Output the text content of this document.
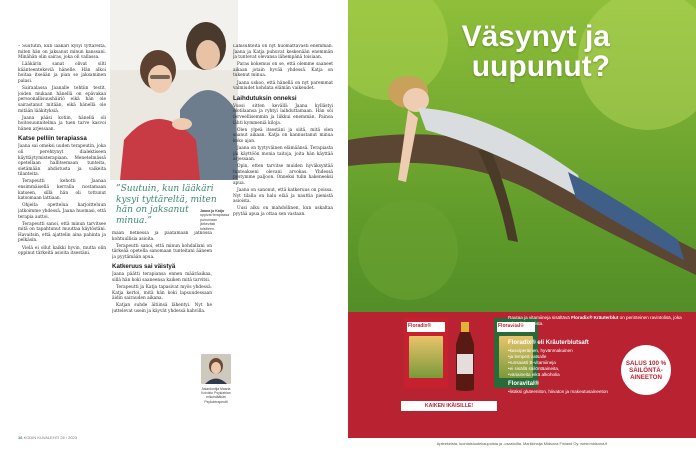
– Suututin, kun lääkäri kysyi tyttäreltä, miten hän on jaksanut minun kanssani. Minähän olin sairas, joka oli vallassa.

Lääkärin sanat olivat silti käänteentekeviä hänelle. Hän alkoi hoitaa itseään ja pian se jaksaminen palasi.

Sairaalassa Jaanalle tehtiin testit, joiden mukaan hänellä on epävakaa persoonallisuushäiriö eikä hän ole sairastanut mitään, eikä hänellä ole mitään lääkityksiä.

Jaana pääsi kotiin, hänellä oli hoitosuunnitelma ja tuen tarve kasvoi hänen arjessaan.

Katse pelliin terapiassa

Jaana sai omeksi uuden terapeutin, joka oli perehtynyt dialektiseen käyttäytymisterapiaan. Menetelmässä opetellaan hallitsemaan tunteita, sietämään ahdistusta ja vaikeita tilanteita.

Terapeutti kehotti Jaanaa ensimmäisellä kerralla nostamaan katseen, sillä hän oli tottunut katsomaan lattiaan.

Ohjeita opettelua harjoitteluun jatkoimme yhdessä. Jaana huomasi, että terapia auttoi.

Terapeutti sanoi, että minun tarvitsee mitä on tapahtunut muuttaa käytöstäni. Havaitsin, että ajattelin aina pahinta ja pelkäsin.

Vielä ei ollut kaikki hyvin, mutta olin oppinut tärkeitä asioita itsestäni.

”Suutuin, kun lääkäri kysyi tyttäreltä, miten hän on jaksanut minua.”
Jaana ja Katja oppivat terapiassa puhumaan järkevästi toisilleen.

mään hetkessä ja päätämään jatkossa kohtuullisia asioita.

Terapeutti sanoi, että minun kohdallani on tärkeää opetella sanomaan tunteitani ääneen ja pyytämään apua.

Katkeruus sai väistyä

Jaana päätti terapiansa ennen määräaikaa, sillä hän koki saaneensa kaiken mitä tarvitsi.

Terapeutti ja Katja tapasivat myös yhdessä. Katja kertoi, mitä hän koki lapsuudessaan äidin sairauden aikana.

Katjan suhde äitiinsä lähentyi. Nyt he juttelevat usein ja käyvät yhdessä kahvilla.

Asiantuntija Maaria Koivisto Psykiatrian erikoislääkäri Psykoterapeutti

Lähisuhteita on nyt huomattavasti enemmän. Jaana ja Katja puhuvat keskenään enemmän ja tuntevat olevansa lähempänä toisiaan.

Paras kokemus on se, että olemme saaneet aikaan jotain hyvää yhdessä. Katja on tukenut minua.

Jaana uskoo, että hänellä on nyt paremmat valmiudet kohdata elämän vaikeudet.

Laihdutuksin onneksi

Vuosi sitten kevällä Jaana kyllästyi olotilaansa ja ryhtyi laihduttamaan. Hän söi terveellisemmin ja liikkui enemmän. Painoa lähti kymmeniä kiloja.

Olen ylpeä itsestäni ja siitä, mitä olen saanut aikaan. Katja on kannustanut minua koko ajan.

Jaana on tyytyväinen elämäänsä. Terapiasta jäi käyttöön monia taitoja, joita hän käyttää arjessaan.

Opin, etten tarvitse muiden hyväksyntää tunteakseni olevani arvokas. Yhdessä pystymme paljoon. Onneksi tulin hakeneeksi apua.

Jaana on sanonut, että katkeruus on poissa. Nyt tilalla on halu elää ja nauttia pienistä asioista.

Uusi alku on mahdollinen, kun uskaltaa pyytää apua ja ottaa sen vastaan.

16 KODIN KUVALEHTI 26 / 2023
Väsynyt ja uupunut?
Floradix®	Floravital®
KAIKEN IKÄISILLE!
Rautaa ja vitamiineja sisältävä Floradix® Kräuterblut on perinteinen ravintolisä, joka tukee jaksamista.
Floradix® eli Kräuterblutsaft
• kasviperäinen, hyvänmakuinen
• ja lempeä vatsalle
• runsaasti B-vitamiineja
• ei sisällä säilöntäaineita,
• väriaineita eikä alkoholia
Floravital®
• lisäksi gluteeniton, hiivaton ja makeutusaineeton
SALUS 100 % SÄILÖNTÄ-AINEETON
Apteekeista, luontaistuotekaupoista ja -osastoilta. Markkinoija Midsona Finland Oy. www.midsona.fi
